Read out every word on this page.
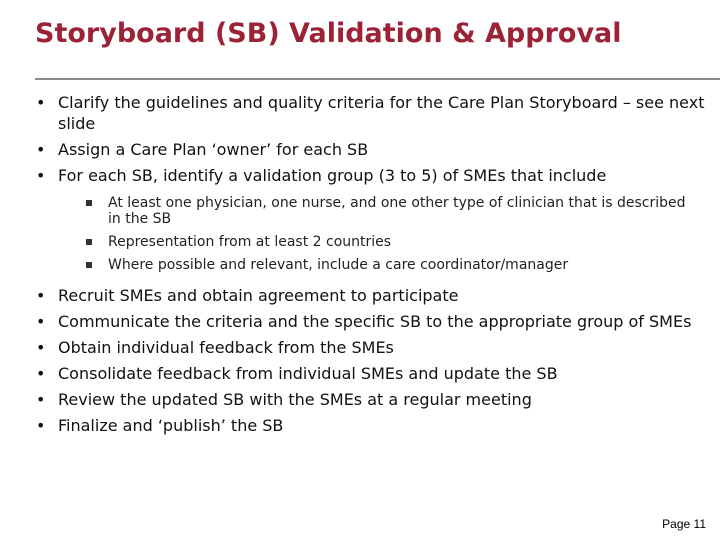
Storyboard (SB) Validation & Approval
• Clarify the guidelines and quality criteria for the Care Plan Storyboard – see next slide
• Assign a Care Plan ‘owner’ for each SB
• For each SB, identify a validation group (3 to 5) of SMEs that include
At least one physician, one nurse, and one other type of clinician that is described in the SB
Representation from at least 2 countries
Where possible and relevant, include a care coordinator/manager
• Recruit SMEs and obtain agreement to participate
• Communicate the criteria and the specific SB to the appropriate group of SMEs
• Obtain individual feedback from the SMEs
• Consolidate feedback from individual SMEs and update the SB
• Review the updated SB with the SMEs at a regular meeting
• Finalize and ‘publish’ the SB
Page 11
